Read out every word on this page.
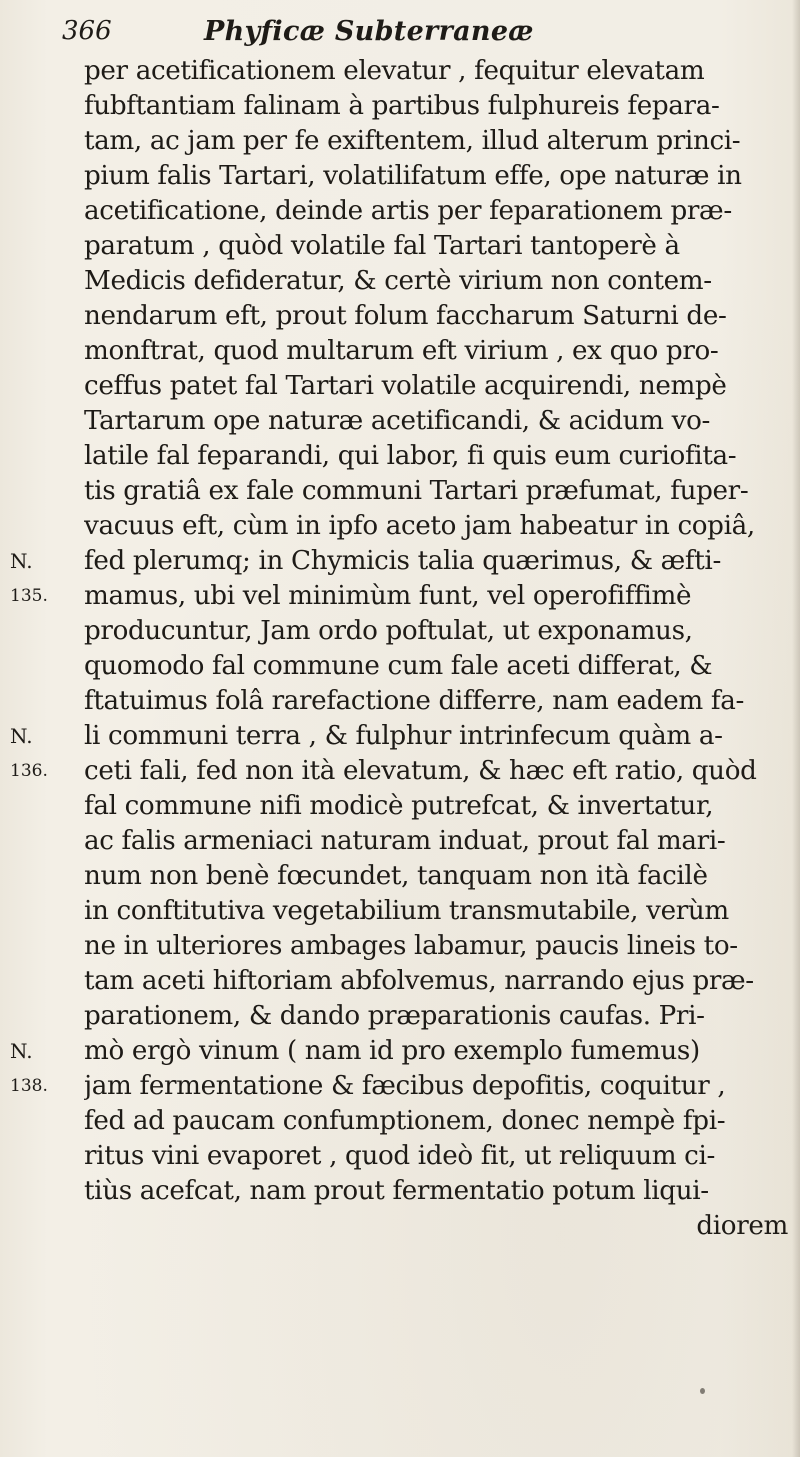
366	Phyficæ Subterraneæ
N.
135.
N.
136.
N.
138.
per acetificationem elevatur , fequitur elevatam
fubftantiam falinam à partibus fulphureis fepara-
tam, ac jam per fe exiftentem, illud alterum princi-
pium falis Tartari, volatilifatum effe, ope naturæ in
acetificatione, deinde artis per feparationem præ-
paratum , quòd volatile fal Tartari tantoperè à
Medicis defideratur, & certè virium non contem-
nendarum eft, prout folum faccharum Saturni de-
monftrat, quod multarum eft virium , ex quo pro-
ceffus patet fal Tartari volatile acquirendi, nempè
Tartarum ope naturæ acetificandi, & acidum vo-
latile fal feparandi, qui labor, fi quis eum curiofita-
tis gratiâ ex fale communi Tartari præfumat, fuper-
vacuus eft, cùm in ipfo aceto jam habeatur in copiâ,
fed plerumq; in Chymicis talia quærimus, & æfti-
mamus, ubi vel minimùm funt, vel operofiffimè
producuntur, Jam ordo poftulat, ut exponamus,
quomodo fal commune cum fale aceti differat, &
ftatuimus folâ rarefactione differre, nam eadem fa-
li communi terra , & fulphur intrinfecum quàm a-
ceti fali, fed non ità elevatum, & hæc eft ratio, quòd
fal commune nifi modicè putrefcat, & invertatur,
ac falis armeniaci naturam induat, prout fal mari-
num non benè fœcundet, tanquam non ità facilè
in conftitutiva vegetabilium transmutabile, verùm
ne in ulteriores ambages labamur, paucis lineis to-
tam aceti hiftoriam abfolvemus, narrando ejus præ-
parationem, & dando præparationis caufas. Pri-
mò ergò vinum ( nam id pro exemplo fumemus)
jam fermentatione & fæcibus depofitis, coquitur ,
fed ad paucam confumptionem, donec nempè fpi-
ritus vini evaporet , quod ideò fit, ut reliquum ci-
tiùs acefcat, nam prout fermentatio potum liqui-
diorem
